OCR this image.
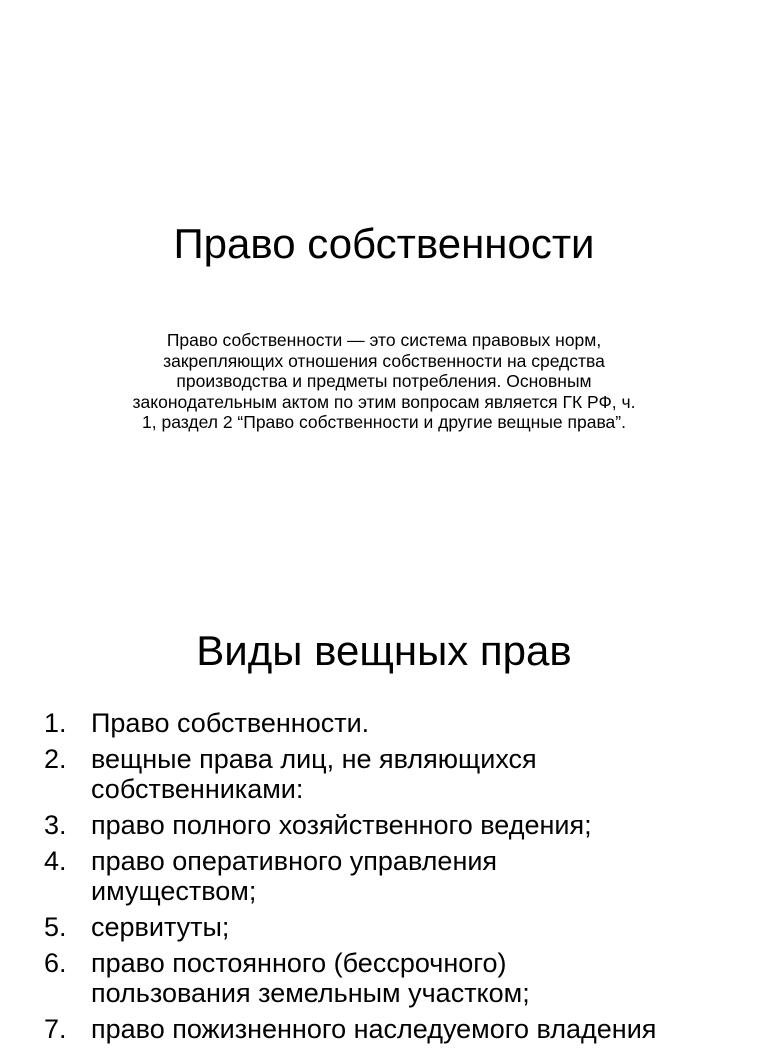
Право собственности

Право собственности — это система правовых норм, закрепляющих отношения собственности на средства производства и предметы потребления. Основным законодательным актом по этим вопросам является ГК РФ, ч. 1, раздел 2 “Право собственности и другие вещные права”.

Виды вещных прав
1. Право собственности.
2. вещные права лиц, не являющихся
собственниками:
3. право полного хозяйственного ведения;
4. право оперативного управления
имуществом;
5. сервитуты;
6. право постоянного (бессрочного)
пользования земельным участком;
7. право пожизненного наследуемого владения
